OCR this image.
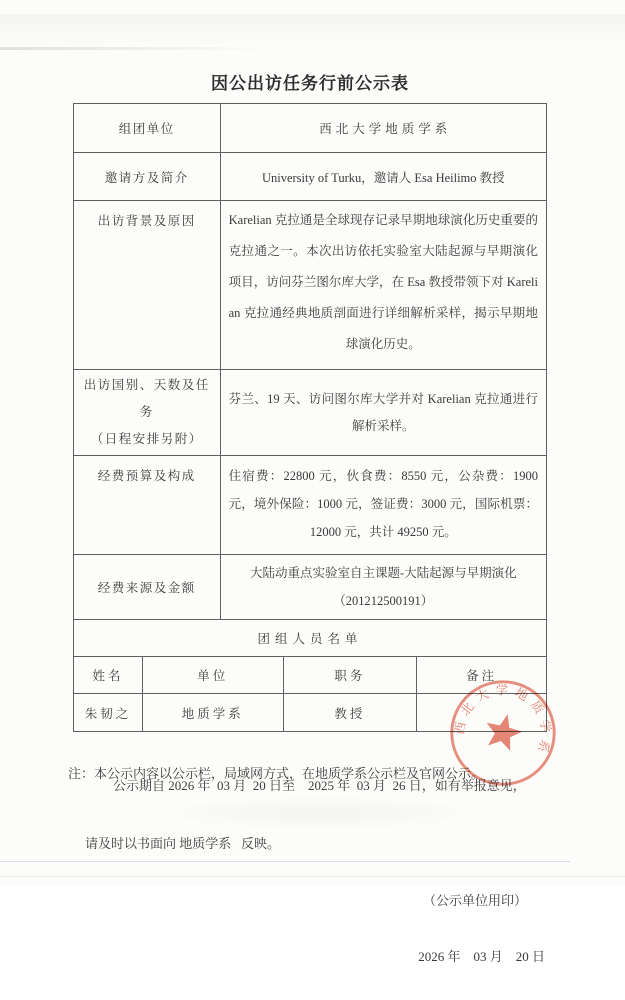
因公出访任务行前公示表
组团单位	西北大学地质学系
邀请方及简介	University of Turku，邀请人 Esa Heilimo 教授
出访背景及原因	Karelian 克拉通是全球现存记录早期地球演化历史重要的克拉通之一。本次出访依托实验室大陆起源与早期演化项目，访问芬兰图尔库大学，在 Esa 教授带领下对 Karelian 克拉通经典地质剖面进行详细解析采样，揭示早期地球演化历史。

出访国别、天数及任务
（日程安排另附）	芬兰、19 天、访问图尔库大学并对 Karelian 克拉通进行解析采样。
经费预算及构成	住宿费：22800 元，伙食费：8550 元，公杂费：1900 元，境外保险：1000 元，签证费：3000 元，国际机票：12000 元，共计 49250 元。
经费来源及金额	大陆动重点实验室自主课题-大陆起源与早期演化
（201212500191）

团组人员名单	
姓名	单位	职务	备注
朱韧之	地质学系	教授	

公示期自 2026 年  03 月  20 日至    2025 年  03 月  26 日，如有举报意见，

请及时以书面向 地质学系   反映。

（公示单位用印）

2026 年    03 月    20 日

注：本公示内容以公示栏，局域网方式，在地质学系公示栏及官网公示。

西北大学地质学系
